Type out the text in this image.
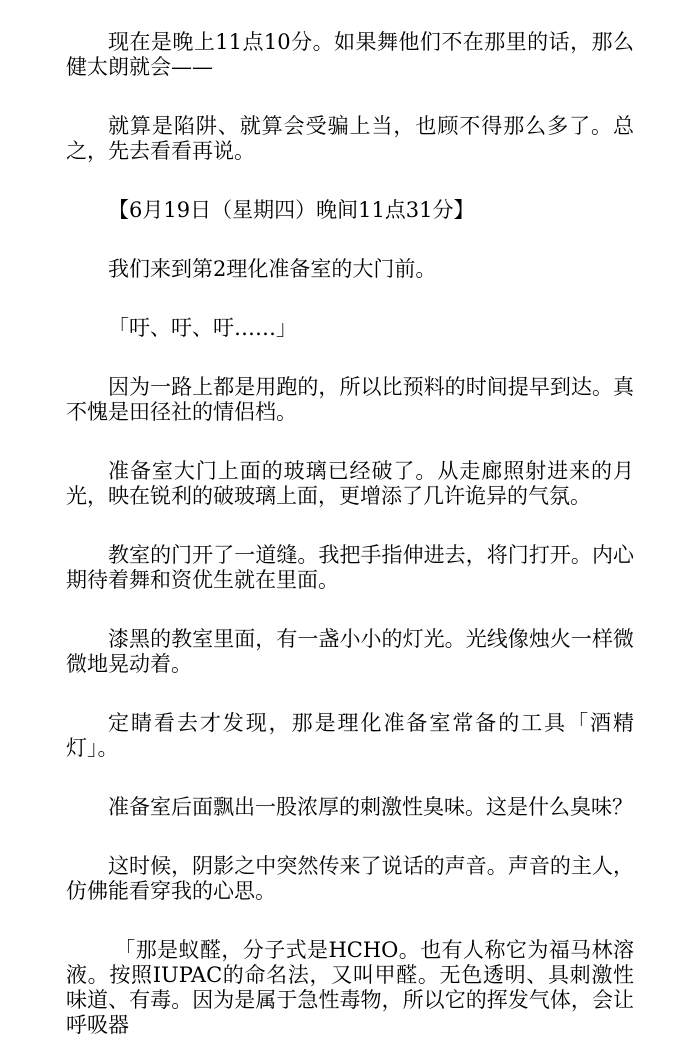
现在是晚上11点10分。如果舞他们不在那里的话，那么健太朗就会——

就算是陷阱、就算会受骗上当，也顾不得那么多了。总之，先去看看再说。

【6月19日（星期四）晚间11点31分】

我们来到第2理化准备室的大门前。

「吁、吁、吁……」

因为一路上都是用跑的，所以比预料的时间提早到达。真不愧是田径社的情侣档。

准备室大门上面的玻璃已经破了。从走廊照射进来的月光，映在锐利的破玻璃上面，更增添了几许诡异的气氛。

教室的门开了一道缝。我把手指伸进去，将门打开。内心期待着舞和资优生就在里面。

漆黑的教室里面，有一盏小小的灯光。光线像烛火一样微微地晃动着。

定睛看去才发现，那是理化准备室常备的工具「酒精灯」。

准备室后面飘出一股浓厚的刺激性臭味。这是什么臭味？

这时候，阴影之中突然传来了说话的声音。声音的主人，仿佛能看穿我的心思。

「那是蚁醛，分子式是HCHO。也有人称它为福马林溶液。按照IUPAC的命名法，又叫甲醛。无色透明、具刺激性味道、有毒。因为是属于急性毒物，所以它的挥发气体，会让呼吸器
